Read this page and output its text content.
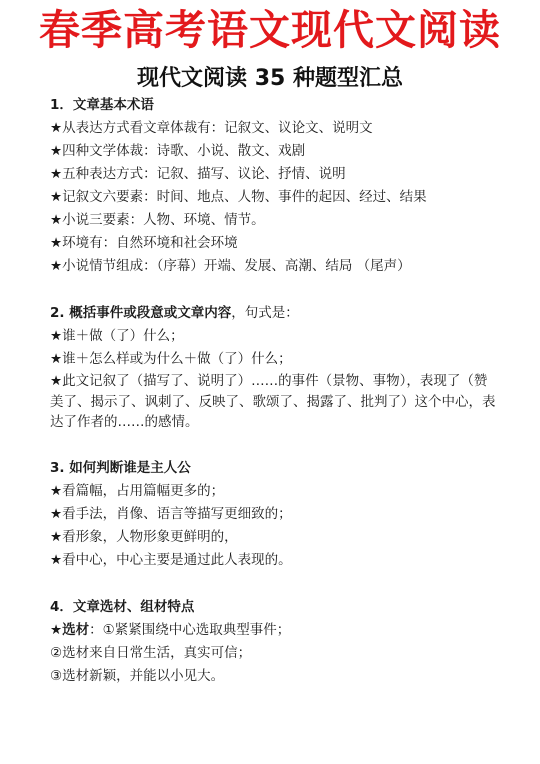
春季高考语文现代文阅读
现代文阅读 35 种题型汇总
1．文章基本术语
★从表达方式看文章体裁有：记叙文、议论文、说明文
★四种文学体裁：诗歌、小说、散文、戏剧
★五种表达方式：记叙、描写、议论、抒情、说明
★记叙文六要素：时间、地点、人物、事件的起因、经过、结果
★小说三要素：人物、环境、情节。
★环境有：自然环境和社会环境
★小说情节组成：（序幕）开端、发展、高潮、结局 （尾声）
2. 概括事件或段意或文章内容，句式是：
★谁＋做（了）什么；
★谁＋怎么样或为什么＋做（了）什么；
★此文记叙了（描写了、说明了）……的事件（景物、事物），表现了（赞美了、揭示了、讽刺了、反映了、歌颂了、揭露了、批判了）这个中心，表达了作者的……的感情。
3. 如何判断谁是主人公
★看篇幅，占用篇幅更多的；
★看手法，肖像、语言等描写更细致的；
★看形象，人物形象更鲜明的，
★看中心，中心主要是通过此人表现的。
4．文章选材、组材特点
★选材：①紧紧围绕中心选取典型事件；
②选材来自日常生活，真实可信；
③选材新颖，并能以小见大。
